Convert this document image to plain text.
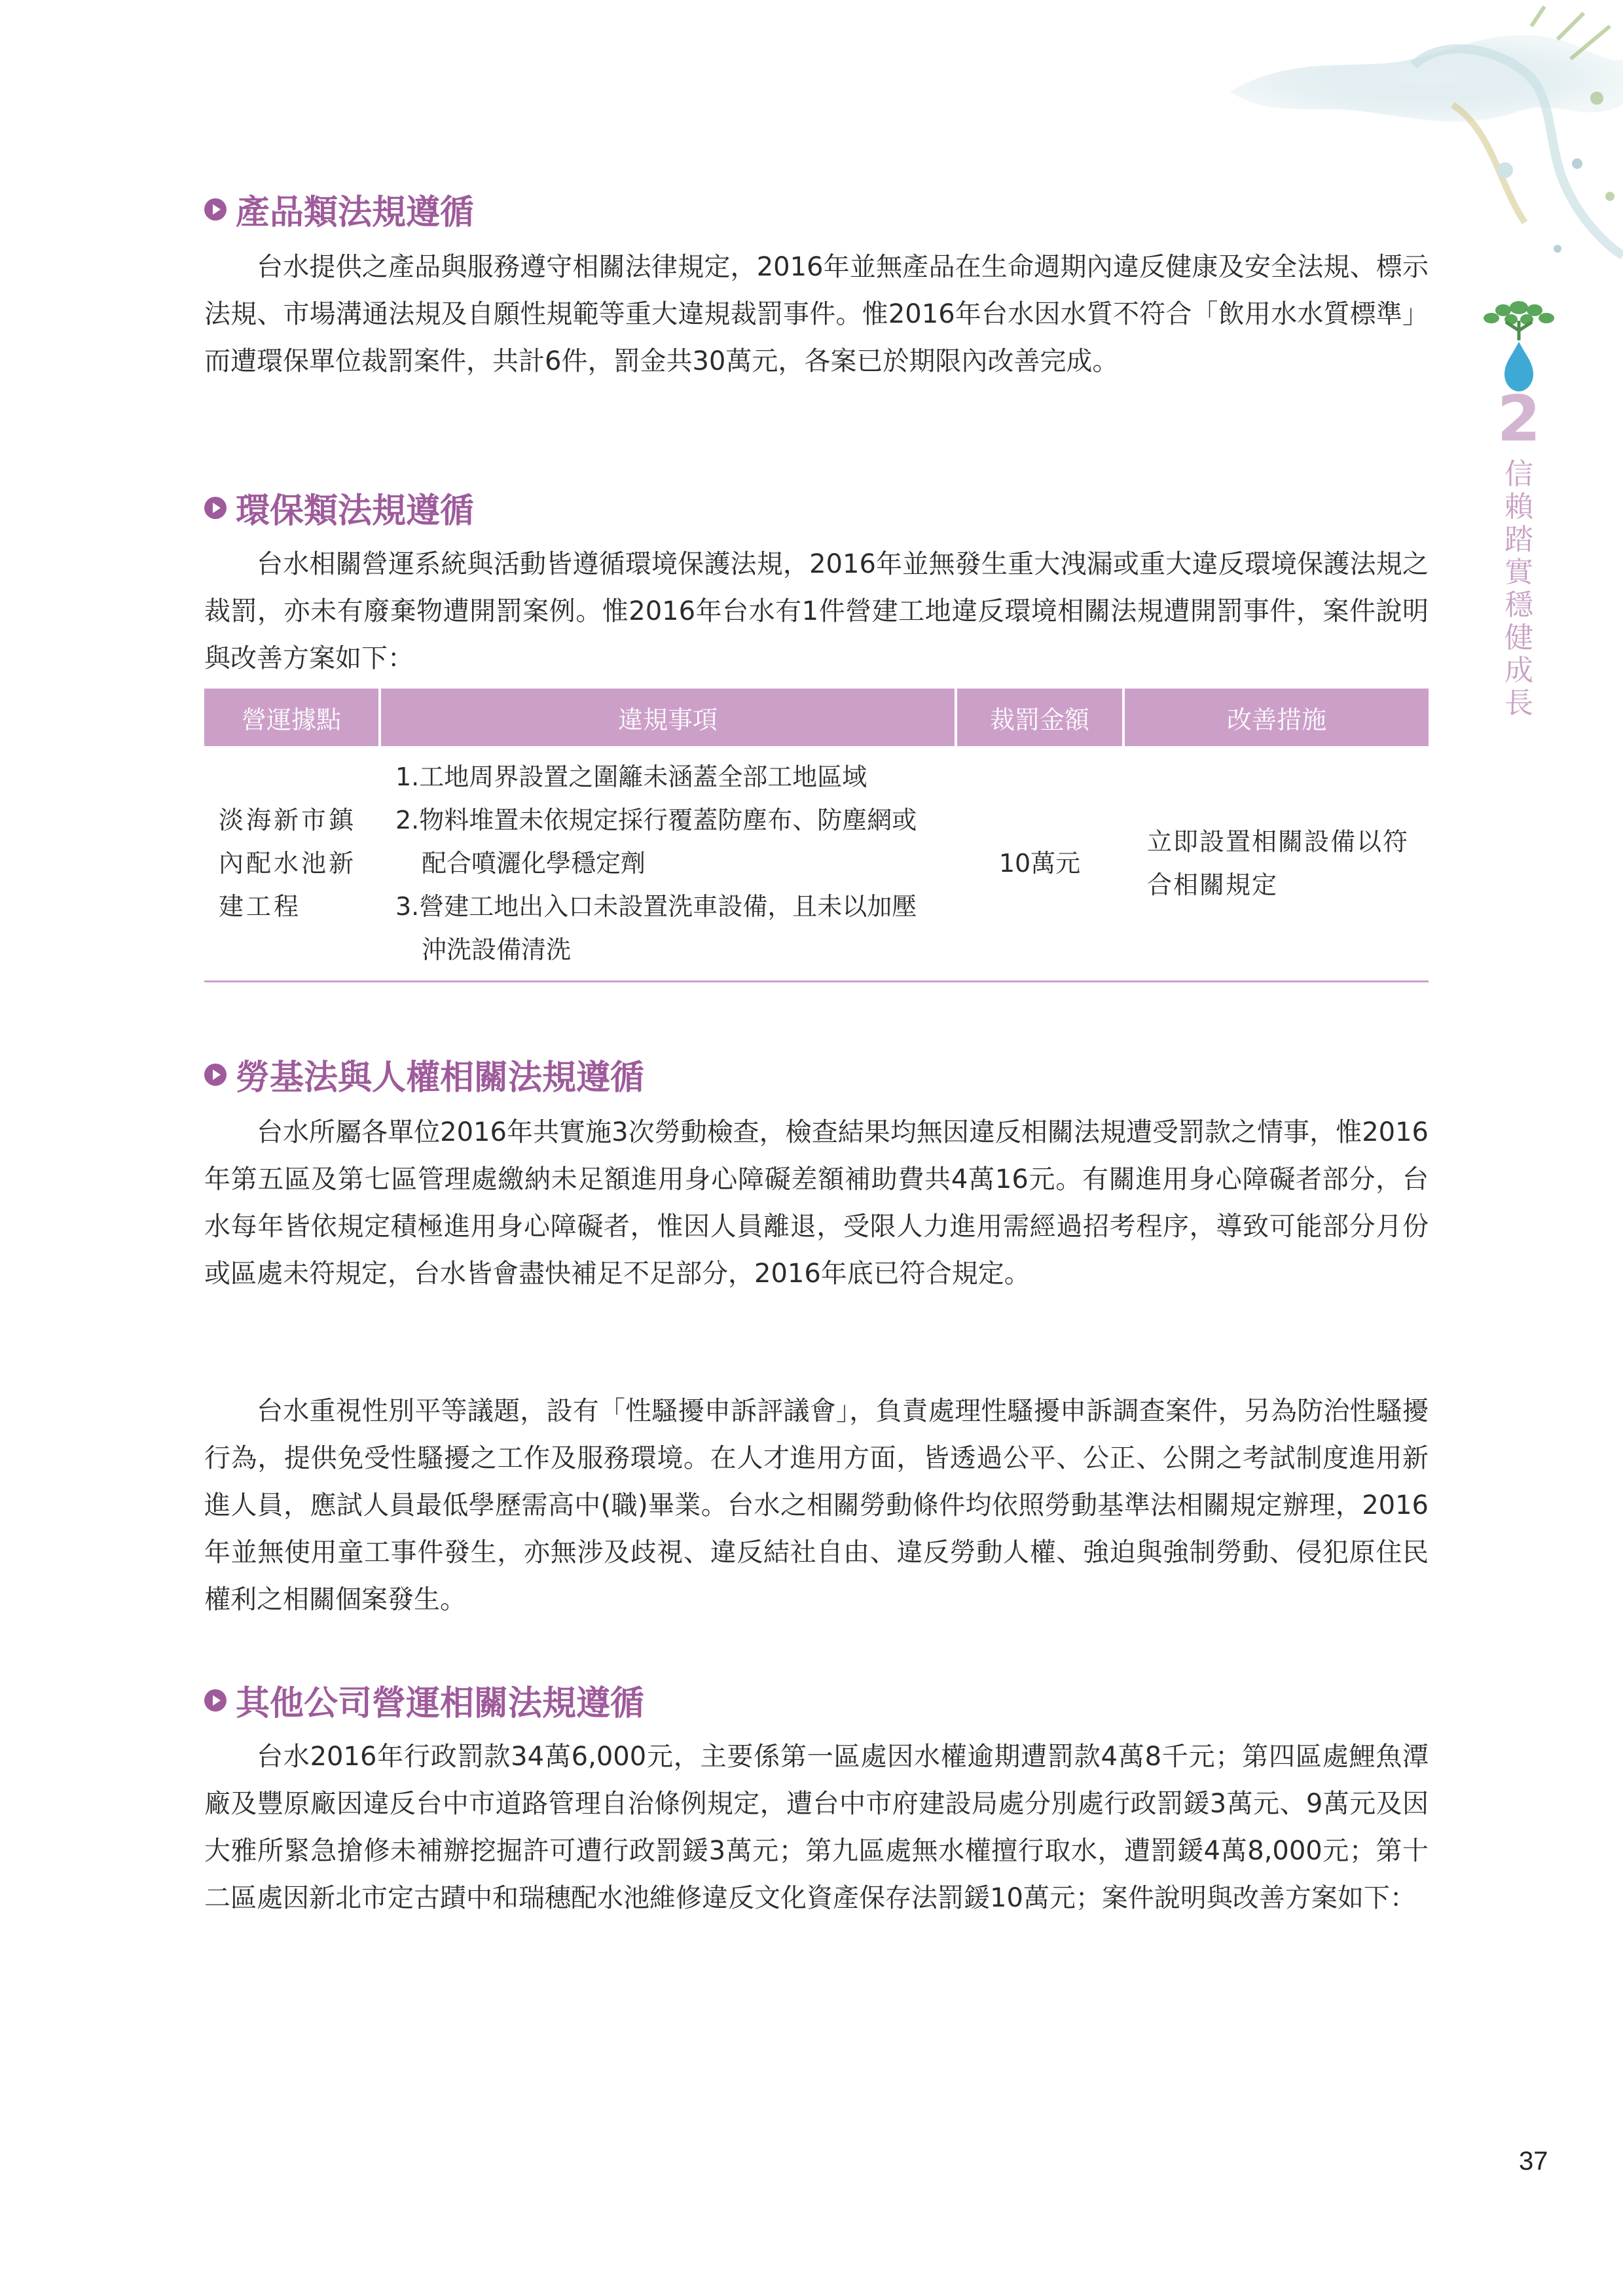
2
信賴踏實穩健成長
產品類法規遵循

台水提供之產品與服務遵守相關法律規定，2016年並無產品在生命週期內違反健康及安全法規、標示法規、市場溝通法規及自願性規範等重大違規裁罰事件。惟2016年台水因水質不符合「飲用水水質標準」而遭環保單位裁罰案件，共計6件，罰金共30萬元，各案已於期限內改善完成。

環保類法規遵循

台水相關營運系統與活動皆遵循環境保護法規，2016年並無發生重大洩漏或重大違反環境保護法規之裁罰，亦未有廢棄物遭開罰案例。惟2016年台水有1件營建工地違反環境相關法規遭開罰事件，案件說明與改善方案如下：

營運據點	違規事項	裁罰金額	改善措施
淡海新市鎮內配水池新建工程	1.工地周界設置之圍籬未涵蓋全部工地區域
2.物料堆置未依規定採行覆蓋防塵布、防塵網或配合噴灑化學穩定劑
3.營建工地出入口未設置洗車設備，且未以加壓沖洗設備清洗	10萬元	立即設置相關設備以符合相關規定
勞基法與人權相關法規遵循

台水所屬各單位2016年共實施3次勞動檢查，檢查結果均無因違反相關法規遭受罰款之情事，惟2016年第五區及第七區管理處繳納未足額進用身心障礙差額補助費共4萬16元。有關進用身心障礙者部分，台水每年皆依規定積極進用身心障礙者，惟因人員離退，受限人力進用需經過招考程序，導致可能部分月份或區處未符規定，台水皆會盡快補足不足部分，2016年底已符合規定。

台水重視性別平等議題，設有「性騷擾申訴評議會」，負責處理性騷擾申訴調查案件，另為防治性騷擾行為，提供免受性騷擾之工作及服務環境。在人才進用方面，皆透過公平、公正、公開之考試制度進用新進人員，應試人員最低學歷需高中(職)畢業。台水之相關勞動條件均依照勞動基準法相關規定辦理，2016年並無使用童工事件發生，亦無涉及歧視、違反結社自由、違反勞動人權、強迫與強制勞動、侵犯原住民權利之相關個案發生。

其他公司營運相關法規遵循

台水2016年行政罰款34萬6,000元，主要係第一區處因水權逾期遭罰款4萬8千元；第四區處鯉魚潭廠及豐原廠因違反台中市道路管理自治條例規定，遭台中市府建設局處分別處行政罰鍰3萬元、9萬元及因大雅所緊急搶修未補辦挖掘許可遭行政罰鍰3萬元；第九區處無水權擅行取水，遭罰鍰4萬8,000元；第十二區處因新北市定古蹟中和瑞穗配水池維修違反文化資產保存法罰鍰10萬元；案件說明與改善方案如下：

37
